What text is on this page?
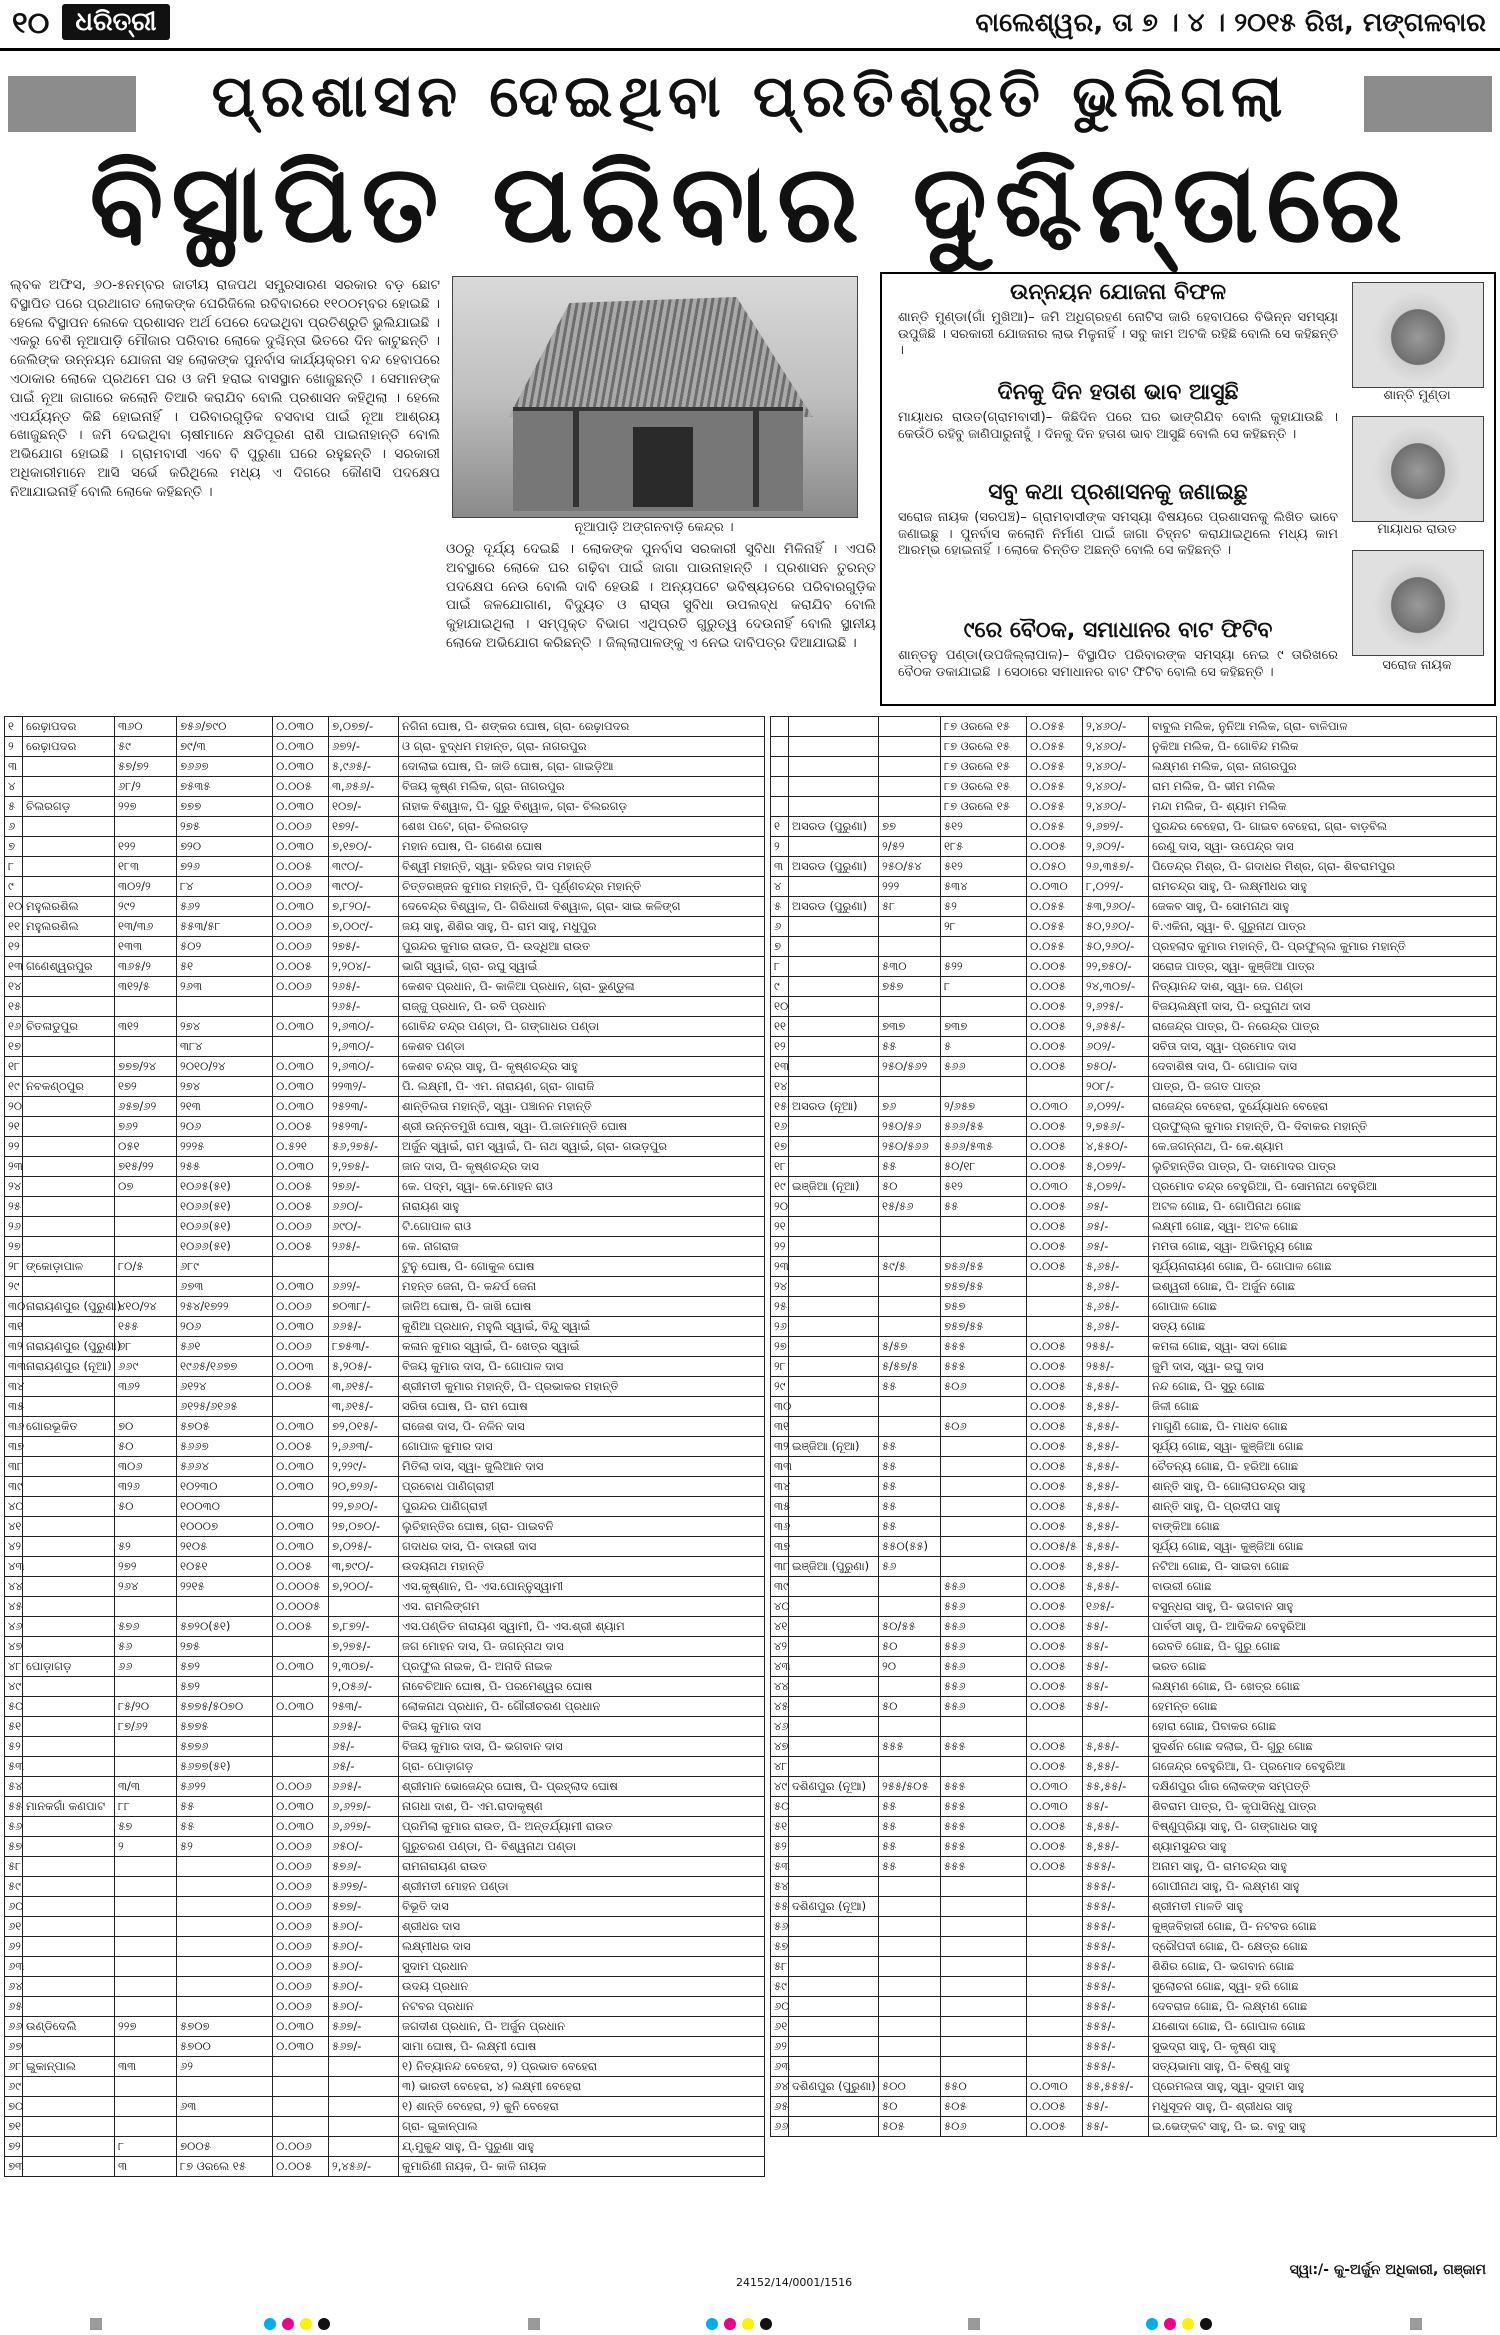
୧୦	ଧରିତ୍ରୀ	ବାଲେଶ୍ୱର, ତା ୭ । ୪ । ୨୦୧୫ ରିଖ, ମଙ୍ଗଳବାର
ପ୍ରଶାସନ ଦେଇଥିବା ପ୍ରତିଶ୍ରୁତି ଭୁଲିଗଲା
ବିସ୍ଥାପିତ ପରିବାର ଦୁଶ୍ଚିନ୍ତାରେ
ଲ୍ବକ ଅଫିସ, ୬୦-୫ନମ୍ବର ଜାତୀୟ ରାଜପଥ ସମ୍ପ୍ରସାରଣ ସରକାର ବଡ଼ ଛୋଟ ବିସ୍ଥାପିତ ପରେ ପ୍ରଥାଗତ ଲୋକଙ୍କ ଘେରିଜିଲେ ରବିବାରରେ ୧୧୦୦ମ୍ବର ହୋଇଛି । ହେଲେ ବିସ୍ଥାପନ ଲେକେ ପ୍ରଶାସନ ଅର୍ଥ ପେରେ ଦେଇଥିବା ପ୍ରତିଶ୍ରୁତି ଭୁଲିଯାଇଛି । ଏକରୁ ବେଶି ନୂଆପାଡ଼ି ମୌଜାର ପରିବାର ଲୋକେ ଦୁଶ୍ଚିନ୍ତା ଭିତରେ ଦିନ କାଟୁଛନ୍ତି । ଜେଲିଙ୍କ ଉନ୍ନୟନ ଯୋଜନା ସହ ଲୋକଙ୍କ ପୁନର୍ବାସ କାର୍ଯ୍ୟକ୍ରମ ବନ୍ଦ ହେବାପରେ ଏଠାକାର ଲୋକେ ପ୍ରଥମେ ଘର ଓ ଜମି ହରାଇ ବାସସ୍ଥାନ ଖୋଜୁଛନ୍ତି । ସେମାନଙ୍କ ପାଇଁ ନୂଆ ଜାଗାରେ କଲୋନି ତିଆରି କରାଯିବ ବୋଲି ପ୍ରଶାସନ କହିଥିଲା । ହେଲେ ଏପର୍ଯ୍ୟନ୍ତ କିଛି ହୋଇନାହିଁ । ପରିବାରଗୁଡ଼ିକ ବସବାସ ପାଇଁ ନୂଆ ଆଶ୍ରୟ ଖୋଜୁଛନ୍ତି । ଜମି ଦେଇଥିବା ଚାଷୀମାନେ କ୍ଷତିପୂରଣ ରାଶି ପାଇନାହାନ୍ତି ବୋଲି ଅଭିଯୋଗ ହୋଇଛି । ଗ୍ରାମବାସୀ ଏବେ ବି ପୁରୁଣା ଘରେ ରହୁଛନ୍ତି । ସରକାରୀ ଅଧିକାରୀମାନେ ଆସି ସର୍ଭେ କରିଥିଲେ ମଧ୍ୟ ଏ ଦିଗରେ କୌଣସି ପଦକ୍ଷେପ ନିଆଯାଇନାହିଁ ବୋଲି ଲୋକେ କହିଛନ୍ତି ।
ଓଠରୁ ଦୂର୍ଯ୍ୟ ଦେଇଛି । ଲୋକଙ୍କ ପୁନର୍ବାସ ସରକାରୀ ସୁବିଧା ମିଳିନାହିଁ । ଏପରି ଅବସ୍ଥାରେ ଲୋକେ ଘର ଗଢ଼ିବା ପାଇଁ ଜାଗା ପାଉନାହାନ୍ତି । ପ୍ରଶାସନ ତୁରନ୍ତ ପଦକ୍ଷେପ ନେଉ ବୋଲି ଦାବି ହେଉଛି । ଅନ୍ୟପଟେ ଭବିଷ୍ୟତରେ ପରିବାରଗୁଡ଼ିକ ପାଇଁ ଜଳଯୋଗାଣ, ବିଦ୍ୟୁତ ଓ ରାସ୍ତା ସୁବିଧା ଉପଲବ୍ଧ କରାଯିବ ବୋଲି କୁହାଯାଇଥିଲା । ସମ୍ପୃକ୍ତ ବିଭାଗ ଏଥିପ୍ରତି ଗୁରୁତ୍ୱ ଦେଉନାହିଁ ବୋଲି ସ୍ଥାନୀୟ ଲୋକେ ଅଭିଯୋଗ କରିଛନ୍ତି । ଜିଲ୍ଲାପାଳଙ୍କୁ ଏ ନେଇ ଦାବିପତ୍ର ଦିଆଯାଇଛି ।
ନୂଆପାଡ଼ି ଅଙ୍ଗନବାଡ଼ି କେନ୍ଦ୍ର ।
ଉନ୍ନୟନ ଯୋଜନା ବିଫଳ
ଶାନ୍ତି ମୁଣ୍ଡା(ଗାଁ ମୁଖିଆ)– ଜମି ଅଧିଗ୍ରହଣ ନୋଟିସ ଜାରି ହେବାପରେ ବିଭିନ୍ନ ସମସ୍ୟା ଉପୁଜିଛି । ସରକାରୀ ଯୋଜନାର ଲାଭ ମିଳୁନାହିଁ । ସବୁ କାମ ଅଟକି ରହିଛି ବୋଲି ସେ କହିଛନ୍ତି ।
ଦିନକୁ ଦିନ ହତାଶ ଭାବ ଆସୁଛି
ମାୟାଧର ରାଉତ(ଗ୍ରାମବାସୀ)– କିଛିଦିନ ପରେ ଘର ଭାଙ୍ଗିଯିବ ବୋଲି କୁହାଯାଉଛି । କେଉଁଠି ରହିବୁ ଜାଣିପାରୁନାହୁଁ । ଦିନକୁ ଦିନ ହତାଶ ଭାବ ଆସୁଛି ବୋଲି ସେ କହିଛନ୍ତି ।
ସବୁ କଥା ପ୍ରଶାସନକୁ ଜଣାଇଛୁ
ସରୋଜ ନାୟକ (ସରପଞ୍ଚ)– ଗ୍ରାମବାସୀଙ୍କ ସମସ୍ୟା ବିଷୟରେ ପ୍ରଶାସନକୁ ଲିଖିତ ଭାବେ ଜଣାଇଛୁ । ପୁନର୍ବାସ କଲୋନି ନିର୍ମାଣ ପାଇଁ ଜାଗା ଚିହ୍ନଟ କରାଯାଇଥିଲେ ମଧ୍ୟ କାମ ଆରମ୍ଭ ହୋଇନାହିଁ । ଲୋକେ ଚିନ୍ତିତ ଅଛନ୍ତି ବୋଲି ସେ କହିଛନ୍ତି ।
୯ରେ ବୈଠକ, ସମାଧାନର ବାଟ ଫିଟିବ
ଶାନ୍ତନୁ ପଣ୍ଡା(ଉପଜିଲ୍ଲାପାଳ)– ବିସ୍ଥାପିତ ପରିବାରଙ୍କ ସମସ୍ୟା ନେଇ ୯ ତାରିଖରେ ବୈଠକ ଡକାଯାଇଛି । ସେଠାରେ ସମାଧାନର ବାଟ ଫିଟିବ ବୋଲି ସେ କହିଛନ୍ତି ।
ଶାନ୍ତି ମୁଣ୍ଡା
ମାୟାଧର ରାଉତ
ସରୋଜ ନାୟକ
୧	ରେଢ଼ାପଦର	୩୬୦	୭୫୬/୭୯୦	୦.୦୩୦	୭,୦୭୭/-	ନଗିନା ଘୋଷ, ପି- ଶଙ୍କର ଘୋଷ, ଗ୍ରା- ରେଢ଼ାପଦର
୨	ରେଢ଼ାପଦର	୫୯	୭୯/୩	୦.୦୩୦	୬୭୨/-	ଓ ଗ୍ରା- ବୁଦ୍ଧମ ମହାନ୍ତ, ଗ୍ରା- ନାଗରପୁର
୩		୫୭/୭୨	୭୬୬୭	୦.୦୩୦	୫,୯୬୫/-	ଦୋଲାଇ ଘୋଷ, ପି- ଜାଡି ଘୋଷ, ଗ୍ରା- ଗାଇଡ଼ିଆ
୪		୬୮/୨	୭୫୩୫	୦.୦୦୫	୩,୬୫୬/-	ବିଜୟ କୃଷ୍ଣ ମଲିକ, ଗ୍ରା- ନାଗରପୁର
୫	ଚିଲରଗଡ଼	୨୨୭	୭୭୭	୦.୦୩୦	୧୦୭/-	ନାହାକ ବିଶ୍ୱାଳ, ପି- ଗୁରୁ ବିଶ୍ୱାଳ, ଗ୍ରା- ଚିଲରଗଡ଼
୬			୨୭୫	୦.୦୦୬	୧୭୨/-	ଶେଖ ପଟେ, ଗ୍ରା- ଚିଲରଗଡ଼
୭		୧୨୨	୭୨୦	୦.୦୩୦	୭,୧୭୦/-	ମହାନ ଘୋଷ, ପି- ଗଣେଶ ଘୋଷ
୮		୧୮୩	୭୨୬	୦.୦୦୫	୩୯୦/-	ବିଶ୍ୱୀ ମହାନ୍ତି, ସ୍ୱା- ହରିହର ଦାସ ମହାନ୍ତି
୯		୩୦୨/୨	୮୪	୦.୦୦୬	୩୯୦/-	ଚିତ୍ତରଞ୍ଜନ କୁମାର ମହାନ୍ତି, ପି- ପୂର୍ଣ୍ଣଚନ୍ଦ୍ର ମହାନ୍ତି
୧୦	ମହୁଲରଶିଲ	୨୯୨	୫୬୨	୦.୦୩୦	୭,୮୨୦/-	ଦେବେନ୍ଦ୍ର ବିଶ୍ୱାଳ, ପି- ଗିରିଧାରୀ ବିଶ୍ୱାଳ, ଗ୍ରା- ସାଇ କଳିଙ୍ଗ
୧୧	ମହୁଲରଶିଲ	୧୩/୩୬	୫୫୩/୫୮	୦.୦୦୬	୭,୦୦୯/-	ଜୟ ସାହୁ, ଶିଶିର ସାହୁ, ପି- ରାମ ସାହୁ, ମଧୁପୁର
୧୨		୧୩୩	୫୦୨	୦.୦୦୬	୨୭୫/-	ପୁରନ୍ଦର କୁମାର ରାଉତ, ପି- ଉଦ୍ଧିଆ ରାଉତ
୧୩	ଗଣେଶ୍ୱରପୁର	୩୬୫/୨	୫୧	୦.୦୦୫	୨,୨୦୪/-	ଭାଗି ସ୍ୱାଇଁ, ଗ୍ରା- ରଘୁ ସ୍ୱାଇଁ
୧୪		୩୧୨/୫	୨୬୩	୦.୦୦୬	୨୬୫/-	କେଶବ ପ୍ରଧାନ, ପି- କାଳିଆ ପ୍ରଧାନ, ଗ୍ରା- ଭୁଣ୍ଡୁଳା
୧୫					୨୬୫/-	ରାଜ୍ଜୁ ପ୍ରଧାନ, ପି- ରବି ପ୍ରଧାନ
୧୬	ଚିତଳାଡୁପୁର	୩୧୨	୨୭୪	୦.୦୩୦	୨,୬୩୦/-	ଗୋବିନ୍ଦ ଚନ୍ଦ୍ର ପଣ୍ଡା, ପି- ଗଙ୍ଗାଧର ପଣ୍ଡା
୧୭			୩୮୪		୨,୬୩୦/-	କେଶବ ପଣ୍ଡା
୧୮		୭୭୭/୨୪	୨୦୧୦/୨୪	୦.୦୩୦	୨,୬୩୦/-	କେଶବ ଚନ୍ଦ୍ର ସାହୁ, ପି- କୃଷ୍ଣଚନ୍ଦ୍ର ସାହୁ
୧୯	ନବକଣ୍ଠପୁର	୧୭୨	୨୭୪	୦.୦୩୦	୨୨୩୨/-	ପି. ଲକ୍ଷ୍ମୀ, ପି- ଏମ. ନାରାୟଣ, ଗ୍ରା- ଗାରାଜି
୨୦		୬୫୭/୬୨	୨୧୩	୦.୦୩୦	୨୫୨୩/-	ଶାନ୍ତିଲତା ମହାନ୍ତି, ସ୍ୱା- ପଞ୍ଚାନନ ମହାନ୍ତି
୨୧		୭୬୨	୨୦୬	୦.୦୦୫	୨୫୨୩/-	ଶ୍ରୀ ଉନ୍ନତମୁଖି ଘୋଷ, ସ୍ୱା- ପି.ଜାନମାନ୍ତି ଘୋଷ
୨୨		୦୫୧	୨୨୨୫	୦.୫୨୧	୫୬,୨୭୫/-	ଅର୍ଜୁନ ସ୍ୱାଇଁ, ରାମ ସ୍ୱାଇଁ, ପି- ନାଥ ସ୍ୱାଇଁ, ଗ୍ରା- ଗଉଡ଼ପୁର
୨୩		୭୧୫/୨୨	୨୫୫	୦.୦୩୦	୨,୨୭୫/-	ଜାନ ଦାସ, ପି- କୃଷ୍ଣଚନ୍ଦ୍ର ଦାସ
୨୪		୦୭	୧୦୬୫(୫୧)	୦.୦୦୫	୨୭୬/-	କେ. ପଦ୍ମ, ସ୍ୱା- କେ.ମୋହନ ରାଓ
୨୫			୧୦୬୬(୫୧)	୦.୦୦୫	୬୬୦/-	ନାରାୟଣ ସାହୁ
୨୬			୧୦୬୬(୫୧)	୦.୦୦୬	୬୯୦/-	ଟି.ଗୋପାଳ ରାଓ
୨୭			୧୦୬୬(୫୧)	୦.୦୦୫	୨୬୫/-	କେ. ନାଗରାଜ
୨୮	ଙ୍କୋଡ଼ାପାଳ	୮୦/୫	୬୮୯			ଟୁନୁ ଘୋଷ, ପି- ଗୋକୁଳ ଘୋଷ
୨୯			୬୭୩	୦.୦୩୦	୬୬୨/-	ମହନ୍ତ ଜେନା, ପି- କନ୍ଦର୍ପ ଜେନା
୩୦	ନାରାୟଣପୁର (ପୁରୁଣା)	୪୧୦/୨୪	୨୫୪/୧୭୨୨	୦.୦୦୬	୭୦୩୮/-	ଜାନିଅ ଘୋଷ, ପି- ଜାଖି ଘୋଷ
୩୧		୧୫୫	୨୦୬	୦.୦୩୦	୬୬୫/-	କୁଣିଆ ପ୍ରଧାନ, ମହୁଲି ସ୍ୱାଇଁ, ବିନ୍ଦୁ ସ୍ୱାଇଁ
୩୨	ନାରାୟଣପୁର (ପୁରୁଣା)	୬୮	୫୬୧	୦.୦୦୬	୮୭୫୩/-	କଳାନ କୁମାର ସ୍ୱାଇଁ, ପି- ଖେତ୍ର ସ୍ୱାଇଁ
୩୩	ନାରାୟଣପୁର (ନୂଆ)	୬୬୯	୧୯୬୫/୧୬୭୭	୦.୦୦୩	୫,୨୦୫/-	ବିଜୟ କୁମାର ଦାସ, ପି- ଗୋପାଳ ଦାସ
୩୪		୩୬୨	୬୧୨୪	୦.୦୦୫	୩,୬୧୫/-	ଶ୍ରୀମତୀ କୁମାର ମହାନ୍ତି, ପି- ପ୍ରଭାକର ମହାନ୍ତି
୩୫			୬୧୨୫/୬୧୬୫		୩,୬୧୫/-	ସରିତା ଘୋଷ, ପି- ରାମ ଘୋଷ
୩୬	ଗୋରଭୂକିତ	୭୦	୫୭୦୫	୦.୦୩୦	୭୨,୦୧୫/-	ରାଜେଶ ଦାସ, ପି- ନଳିନ ଦାସ
୩୭		୫୦	୫୬୬୭	୦.୦୦୫	୨,୬୬୩/-	ଗୋପାଳ କୁମାର ଦାସ
୩୮		୩୦୬	୫୬୬୪	୦.୦୩୦	୨,୨୨୯/-	ମିତିଲା ଦାସ, ସ୍ୱା- ଜୁଲିଆନ ଦାସ
୩୯		୩୨୬	୧୦୨୩୦	୦.୦୩୦	୨୦,୭୨୬/-	ପ୍ରବୋଧ ପାଣିଗ୍ରାହୀ
୪୦		୫୦	୧୦୦୩୦		୨୨,୭୬୦/-	ପୁରନ୍ଦର ପାଣିଗ୍ରାହୀ
୪୧			୧୦୦୦୭	୦.୦୩୦	୨୭,୦୭୦/-	ଲୁଚିହାନ୍ତିର ଘୋଷ, ଗ୍ରା- ପାଇବନି
୪୨		୫୨	୨୧୦୫	୦.୦୩୦	୭,୦୨୫/-	ଗଦାଧର ଦାସ, ପି- ବାଉରୀ ଦାସ
୪୩		୨୭୨	୧୦୫୧	୦.୦୦୫	୩,୭୯୦/-	ଉଦୟନାଥ ମହାନ୍ତି
୪୪		୨୬୪	୨୨୧୫	୦.୦୦୦୫	୭,୨୦୦/-	ଏସ.କୃଷ୍ଣାନ, ପି- ଏସ.ପୋନ୍ନୁସ୍ୱାମୀ
୪୫				୦.୦୦୦୫		ଏସ. ରାମଲିଙ୍ଗମ
୪୬		୫୭୬	୫୭୨୦(୫୧)	୦.୦୦୫	୭,୮୭୨/-	ଏସ.ପଣ୍ଡିତ ନାରାୟଣ ସ୍ୱାମୀ, ପି- ଏସ.ଶ୍ରୀ ଶ୍ୟାମ
୪୭		୫୬	୨୭୫		୭,୨୭୫/-	ଜଗ ମୋହନ ଦାସ, ପି- ଜଗନ୍ନାଥ ଦାସ
୪୮	ପୋଡ଼ାଗଡ଼	୬୬	୫୭୨	୦.୦୩୦	୨,୩୦୭/-	ପ୍ରଫୁଲ ନାଇକ, ପି- ଅନାଦି ନାଇକ
୪୯			୫୭୨		୨,୦୫୬/-	ନାବେଚିଆନ ଘୋଷ, ପି- ପରମେଶ୍ୱର ଘୋଷ
୫୦		୮୫/୨୦	୫୭୭୫/୫୦୭୦	୦.୦୩୦	୨୫୩/-	ଲୋକନାଥ ପ୍ରଧାନ, ପି- ଗୌରୀଚରଣ ପ୍ରଧାନ
୫୧		୮୭/୬୨	୫୭୭୫		୬୬୫/-	ବିଜୟ କୁମାର ଦାସ
୫୨			୫୭୭୬		୬୫/-	ବିଜୟ କୁମାର ଦାସ, ପି- ଭଗବାନ ଦାସ
୫୩			୫୬୭୭(୫୧)		୬୫/-	ଗ୍ରା- ପୋଡ଼ାଗଡ଼
୫୪		୩/୩	୫୬୨୨	୦.୦୦୬	୬୬୫/-	ଶ୍ରୀମାନ ଭୋଜେନ୍ଦ୍ର ଘୋଷ, ପି- ପ୍ରହ୍ଲାଦ ଘୋଷ
୫୫	ମାନକଗାଁ କଣପାଟ	୮୮	୫୫	୦.୦୩୦	୬,୬୨୭/-	ନାଗଧା ଦାଶ, ପି- ଏମ.ରାଦାକୃଷ୍ଣ
୫୬		୫୭	୫୫	୦.୦୩୦	୬,୬୨୭/-	ପ୍ରମିଲା କୁମାର ରାଉତ, ପି- ଅନ୍ତର୍ଯ୍ୟାମୀ ରାଉତ
୫୭		୨	୫୨	୦.୦୦୬	୬୫୦/-	ଗୁରୁଚରଣ ପଣ୍ଡା, ପି- ବିଶ୍ୱନାଥ ପଣ୍ଡା
୫୮				୦.୦୦୬	୫୭୬/-	ରାମନାରାୟଣ ରାଉତ
୫୯				୦.୦୦୬	୫୬୨୭/-	ଶ୍ରୀମତୀ ମୋହନ ପଣ୍ଡା
୬୦				୦.୦୦୬	୫୭୭/-	ବିଭୂତି ଦାସ
୬୧				୦.୦୦୬	୫୬୦/-	ଶ୍ରୀଧର ଦାସ
୬୨				୦.୦୦୬	୫୬୦/-	ଲକ୍ଷ୍ମୀଧର ଦାସ
୬୩				୦.୦୦୬	୫୬୦/-	ସୁଦାମ ପ୍ରଧାନ
୬୪				୦.୦୦୬	୫୬୦/-	ଉଦୟ ପ୍ରଧାନ
୬୫				୦.୦୦୬	୫୬୦/-	ନଟବର ପ୍ରଧାନ
୬୬	ଉଣ୍ଡିଦେଲି	୨୨୭	୫୭୦୭	୦.୦୩୦	୫୬୭/-	ଜଗଦୀଶ ପ୍ରଧାନ, ପି- ଅର୍ଜୁନ ପ୍ରଧାନ
୬୭			୫୭୦୦	୦.୦୩୦	୫୬୭/-	ସାମା ଘୋଷ, ପି- ଲକ୍ଷ୍ମୀ ଘୋଷ
୬୮	ଇୁକାନ୍‌ପାଲ	୩୩	୬୨			୧) ନିତ୍ୟାନନ୍ଦ ବେହେରା, ୨) ପ୍ରଭାତ ବେହେରା
୬୯						୩) ଭାରତୀ ବେହେରା, ୪) ଲକ୍ଷ୍ମୀ ବେହେରା
୭୦			୬୩			୧) ଶାନ୍ତି ବେହେରା, ୨) କୁନି ବେହେରା
୭୧						ଗ୍ରା- ଇୁକାନ୍‌ପାଲ
୭୨		୮	୭୦୦୫	୦.୦୦୬		ଯ୍.ମୁକୁନ୍ଦ ସାହୁ, ପି- ପୁରୁଣା ସାହୁ
୭୩		୩	୮୭ ଓରଲେ ୧୫	୦.୦୦୫	୨,୪୫୬/-	କୁମାରିଣୀ ନାୟକ, ପି- କାଳି ନାୟକ
			୮୭ ଓରଲେ ୧୫	୦.୦୫୫	୨,୪୬୦/-	ବାବୁଲ ମଲିକ, ନୁନିଆ ମଲିକ, ଗ୍ରା- ବାଳିପାଳ
			୮୭ ଓରଲେ ୧୫	୦.୦୫୫	୨,୪୬୦/-	ନୁକିଆ ମଲିକ, ପି- ଗୋବିନ୍ଦ ମଲିକ
			୮୭ ଓରଲେ ୧୫	୦.୦୫୫	୨,୪୬୦/-	ଲକ୍ଷ୍ମଣ ମଲିକ, ଗ୍ରା- ନାଗରପୁର
			୮୭ ଓରଲେ ୧୫	୦.୦୫୫	୨,୪୬୦/-	ରାମ ମଲିକ, ପି- ଭୀମ ମଲିକ
			୮୭ ଓରଲେ ୧୫	୦.୦୫୫	୨,୪୬୦/-	ମନ୍ଦା ମଲିକ, ପି- ଶ୍ୟାମ ମଲିକ
୧	ଅସରଡ (ପୁରୁଣା)	୭୭	୫୧୨	୦.୦୫୫	୨,୬୭୨/-	ପୁରନ୍ଦର ବେହେରା, ପି- ଗାଇବ ବେହେରା, ଗ୍ରା- ବାଡ଼ବିଲ
୨		୨/୫୨	୧୮୫	୦.୦୦୫	୨,୬୦୨/-	ରେଣୁ ଦାସ, ସ୍ୱା- ଉପେନ୍ଦ୍ର ଦାସ
୩	ଅସରଡ (ପୁରୁଣା)	୨୫୦/୫୪	୫୧୨	୦.୦୫୦	୨୬,୩୫୭/-	ପିତେନ୍ଦ୍ର ମିଶ୍ର, ପି- ଗଦାଧର ମିଶ୍ର, ଗ୍ରା- ଶିବରାମପୁର
୪		୨୨୨	୫୩୪	୦.୦୩୦	୮,୦୨୨/-	ରାମଚନ୍ଦ୍ର ସାହୁ, ପି- ଲକ୍ଷ୍ମୀଧର ସାହୁ
୫	ଅସରଡ (ପୁରୁଣା)	୫୮	୫୨	୦.୦୫୫	୫୩,୨୬୦/-	ଜେକବ ସାହୁ, ପି- ସୋମନାଥ ସାହୁ
୬			୨୮	୦.୦୫୫	୫୦,୨୬୦/-	ବି.ଏକିନା, ସ୍ୱା- ବି. ଗୁରୁନାଥ ପାତ୍ର
୭				୦.୦୫୫	୫୦,୨୬୦/-	ପ୍ରହଲାଦ କୁମାର ମହାନ୍ତି, ପି- ପ୍ରଫୁଲ୍ଲ କୁମାର ମହାନ୍ତି
୮		୫୩୦	୫୨୨	୦.୦୦୫	୨୨,୭୫୦/-	ସରୋଜ ପାତ୍ର, ସ୍ୱା- କୁଞ୍ଜିଆ ପାତ୍ର
୯		୭୫୭	୮	୦.୦୦୫	୨୪,୩୦୭/-	ନିତ୍ୟାନନ୍ଦ ଦାଶ, ସ୍ୱା- ଜେ. ପଣ୍ଡା
୧୦				୦.୦୦୫	୨,୬୨୫/-	ବିଜୟଲକ୍ଷ୍ମୀ ଦାସ, ପି- ରଘୁନାଥ ଦାସ
୧୧		୭୩୭	୭୩୭	୦.୦୦୫	୨,୬୫୫/-	ରାଜେନ୍ଦ୍ର ପାତ୍ର, ପି- ନରେନ୍ଦ୍ର ପାତ୍ର
୧୨		୫୫	୫	୦.୦୦୫	୬୦୨/-	ସବିତା ଦାସ, ସ୍ୱା- ପ୍ରମୋଦ ଦାସ
୧୩		୨୫୦/୫୬୨	୫୬୬	୦.୦୦୫	୭୫୦/-	ଦେବାଶିଷ ଦାସ, ପି- ଗୋପାଳ ଦାସ
୧୪					୨୦୮/-	ପାତ୍ର, ପି- ଜଗତ ପାତ୍ର
୧୫	ଅସରଡ (ନୂଆ)	୭୬	୨/୬୫୭	୦.୦୩୦	୬,୦୨୨/-	ରାଜେନ୍ଦ୍ର ବେହେରା, ଦୁର୍ଯ୍ୟୋଧନ ବେହେରା
୧୬		୨୫୦/୫୬	୫୬୬/୫୫	୦.୦୦୫	୨,୭୫୬/-	ପ୍ରଫୁଲ୍ଲ କୁମାର ମହାନ୍ତି, ପି- ଦିବାକର ମହାନ୍ତି
୧୭		୨୫୦/୫୬୬	୫୬୬/୫୩୫	୦.୦୦୫	୪,୫୫୦/-	କେ.ଜଗନ୍ନାଥ, ପି- କେ.ଶ୍ୟାମ
୧୮		୫୫	୫୦/୧୮	୦.୦୦୫	୫,୦୭୨/-	ଲୁଚିହାନ୍ତିର ପାତ୍ର, ପି- ଦାମୋଦର ପାତ୍ର
୧୯	ଇଞ୍ଜିଆ (ନୂଆ)	୫୦	୫୧୨	୦.୦୩୦	୫,୦୭୨/-	ପ୍ରମୋଦ ଚନ୍ଦ୍ର ବେହୁରିଆ, ପି- ସୋମନାଥ ବେହୁରିଆ
୨୦		୧୫/୫୬	୫୫	୦.୦୦୫	୬୫/-	ଅଟଳ ଗୋଛ, ପି- ଗୋପିନାଥ ଗୋଛ
୨୧				୦.୦୦୫	୬୫/-	ଲକ୍ଷ୍ମୀ ଗୋଛ, ସ୍ୱା- ଅଟଳ ଗୋଛ
୨୨				୦.୦୦୫	୬୫/-	ମମତା ଗୋଛ, ସ୍ୱା- ଅଭିମନ୍ୟୁ ଗୋଛ
୨୩		୫୯/୫	୭୫୬/୫୫	୦.୦୦୫	୫,୬୫/-	ସୂର୍ଯ୍ୟନାରାୟଣ ଗୋଛ, ପି- ଗୋପାଳ ଗୋଛ
୨୪			୭୫୭/୫୫		୫,୬୫/-	ଇଶ୍ୱରୀ ଗୋଛ, ପି- ଅର୍ଜୁନ ଗୋଛ
୨୫			୭୫୭		୫,୬୫/-	ଗୋପାଳ ଗୋଛ
୨୬			୭୫୭/୫୫		୫,୬୫/-	ସତ୍ୟ ଗୋଛ
୨୭		୫/୫୭	୫୫୫	୦.୦୦୫	୨୫୫/-	କମଳା ଗୋଛ, ସ୍ୱା- ସଦା ଗୋଛ
୨୮		୫/୫୭/୫	୫୫୫	୦.୦୦୫	୨୫୫/-	ଜୁମି ଦାସ, ସ୍ୱା- ରଘୁ ଦାସ
୨୯		୫୫	୫୦୬	୦.୦୦୫	୫,୫୫/-	ନନ୍ଦ ଗୋଛ, ପି- ସୁରୁ ଗୋଛ
୩୦				୦.୦୦୫	୫,୫୫/-	ଜିଳୀ ଗୋଛ
୩୧			୫୦୬	୦.୦୦୫	୫,୫୫/-	ମାଗୁଣି ଗୋଛ, ପି- ମାଧବ ଗୋଛ
୩୨	ଇଞ୍ଜିଆ (ନୂଆ)	୫୫		୦.୦୦୫	୫,୫୫/-	ସୂର୍ଯ୍ୟ ଗୋଛ, ସ୍ୱା- କୁଞ୍ଜିଆ ଗୋଛ
୩୩		୫୫		୦.୦୦୫	୫,୫୫/-	ଚୈତନ୍ୟ ଗୋଛ, ପି- ହରିଆ ଗୋଛ
୩୪		୫୫		୦.୦୦୫	୫,୫୫/-	ଶାନ୍ତି ସାହୁ, ପି- ଗୋଲାପଚନ୍ଦ୍ର ସାହୁ
୩୫		୫୫		୦.୦୦୫	୫,୫୫/-	ଶାନ୍ତି ସାହୁ, ପି- ପ୍ରଦୀପ ସାହୁ
୩୬		୫୫		୦.୦୦୫	୫,୫୫/-	ବାଙ୍କିଆ ଗୋଛ
୩୭		୫୫୦(୫୫)		୦.୦୦୫/୫	୫,୫୫/-	ସୂର୍ଯ୍ୟ ଗୋଛ, ସ୍ୱା- କୁଞ୍ଜିଆ ଗୋଛ
୩୮	ଇଞ୍ଜିଆ (ପୁରୁଣା)	୫୬		୦.୦୦୫	୫,୫୫/-	ନଟିଆ ଗୋଛ, ପି- ସାଇବା ଗୋଛ
୩୯			୫୫୬	୦.୦୦୫	୫,୫୫/-	ବାଉରୀ ଗୋଛ
୪୦			୫୫୬	୦.୦୦୫	୧୬୫/-	ବସୁନ୍ଧରା ସାହୁ, ପି- ଭଗବାନ ସାହୁ
୪୧		୫୦/୫୫	୫୫୬	୦.୦୦୫	୫୫/-	ପାର୍ବତୀ ସାହୁ, ପି- ଆଦିକନ୍ଦ ବେହୁରିଆ
୪୨		୫୦	୫୫୬	୦.୦୦୫	୫୫/-	ରେବତି ଗୋଛ, ପି- ଗୁରୁ ଗୋଛ
୪୩		୨୦	୫୫୬	୦.୦୦୫	୫୫/-	ଭରତ ଗୋଛ
୪୪			୫୫୬	୦.୦୦୫	୫୫/-	ଲକ୍ଷ୍ମଣ ଗୋଛ, ପି- ଖେତ୍ର ଗୋଛ
୪୫		୫୦	୫୫୬	୦.୦୦୫	୫୫/-	ହେମନ୍ତ ଗୋଛ
୪୬						ହୋରା ଗୋଛ, ପିବାକର ଗୋଛ
୪୭		୫୫୫	୫୫୫	୦.୦୦୫	୫,୫୫/-	ସୁଦର୍ଶନ ଗୋଛ ଦଲାଇ, ପି- ଗୁରୁ ଗୋଛ
୪୮				୦.୦୦୫	୫,୫୫/-	ଗଜେନ୍ଦ୍ର ବେହୁରିଆ, ପି- ପ୍ରମୋଦ ବେହୁରିଆ
୪୯	ଦଶିଣପୁର (ନୂଆ)	୨୫୫/୫୦୫	୫୫୫	୦.୦୩୦	୫୫,୫୫/-	ଦକ୍ଷିଣପୁର ଗାଁର ଲୋକଙ୍କ ସମ୍ପତ୍ତି
୫୦		୫୫	୫୫୫	୦.୦୩୦	୫୫/-	ଶିବରାମ ପାତ୍ର, ପି- କୃପାସିନ୍ଧୁ ପାତ୍ର
୫୧		୫୫	୫୫୫	୦.୦୦୫	୫,୫୫/-	ବିଷ୍ଣୁପ୍ରିୟା ସାହୁ, ପି- ଗଙ୍ଗାଧର ସାହୁ
୫୨		୫୫	୫୫୫	୦.୦୦୫	୫,୫୫/-	ଶ୍ୟାମସୁନ୍ଦର ସାହୁ
୫୩		୫୫	୫୫୫	୦.୦୦୫	୫୫୫/-	ଅନାମ ସାହୁ, ପି- ରାମଚନ୍ଦ୍ର ସାହୁ
୫୪					୫୫୫/-	ଗୋପୀନାଥ ସାହୁ, ପି- ଲକ୍ଷ୍ମଣ ସାହୁ
୫୫	ଦଶିଣପୁର (ନୂଆ)				୫୫୫/-	ଶ୍ରୀମତୀ ମାଳତି ସାହୁ
୫୬					୫୫୫/-	କୁଞ୍ଜବିହାରୀ ଗୋଛ, ପି- ନଟବର ଗୋଛ
୫୭					୫୫୫/-	ଦ୍ରୌପଦୀ ଗୋଛ, ପି- କ୍ଷେତ୍ର ଗୋଛ
୫୮					୫୫୫/-	ଶିଶିର ଗୋଛ, ପି- ଭଗବାନ ଗୋଛ
୫୯					୫୫୫/-	ସୁଲୋଚନା ଗୋଛ, ସ୍ୱା- ହରି ଗୋଛ
୬୦					୫୫୫/-	ଦେବରାଜ ଗୋଛ, ପି- ଲକ୍ଷ୍ମଣ ଗୋଛ
୬୧					୫୫୫/-	ଯଶୋଦା ଗୋଛ, ପି- ଗୋପାଳ ଗୋଛ
୬୨					୫୫୫/-	ସୁଭଦ୍ରା ସାହୁ, ପି- କୃଷ୍ଣ ସାହୁ
୬୩					୫୫୫/-	ସତ୍ୟଭାମା ସାହୁ, ପି- ବିଷ୍ଣୁ ସାହୁ
୬୪	ଦଶିଣପୁର (ପୁରୁଣା)	୫୦୦	୫୫୦	୦.୦୩୦	୫୫,୫୫୫/-	ପ୍ରେମଲତା ସାହୁ, ସ୍ୱା- ସୁଦାମ ସାହୁ
୬୫		୫୦	୫୦୫	୦.୦୦୫	୫୫/-	ମଧୁସୂଦନ ସାହୁ, ପି- ଶ୍ରୀଧର ସାହୁ
୬୬		୫୦୫	୫୦୬	୦.୦୦୫	୫୫/-	ଇ.ଭେଙ୍କଟ ସାହୁ, ପି- ଇ. ବାବୁ ସାହୁ
ସ୍ୱା:/- କୁ-ଅର୍ଜୁନ ଅଧିକାରୀ, ଗଞ୍ଜାମ
24152/14/0001/1516
